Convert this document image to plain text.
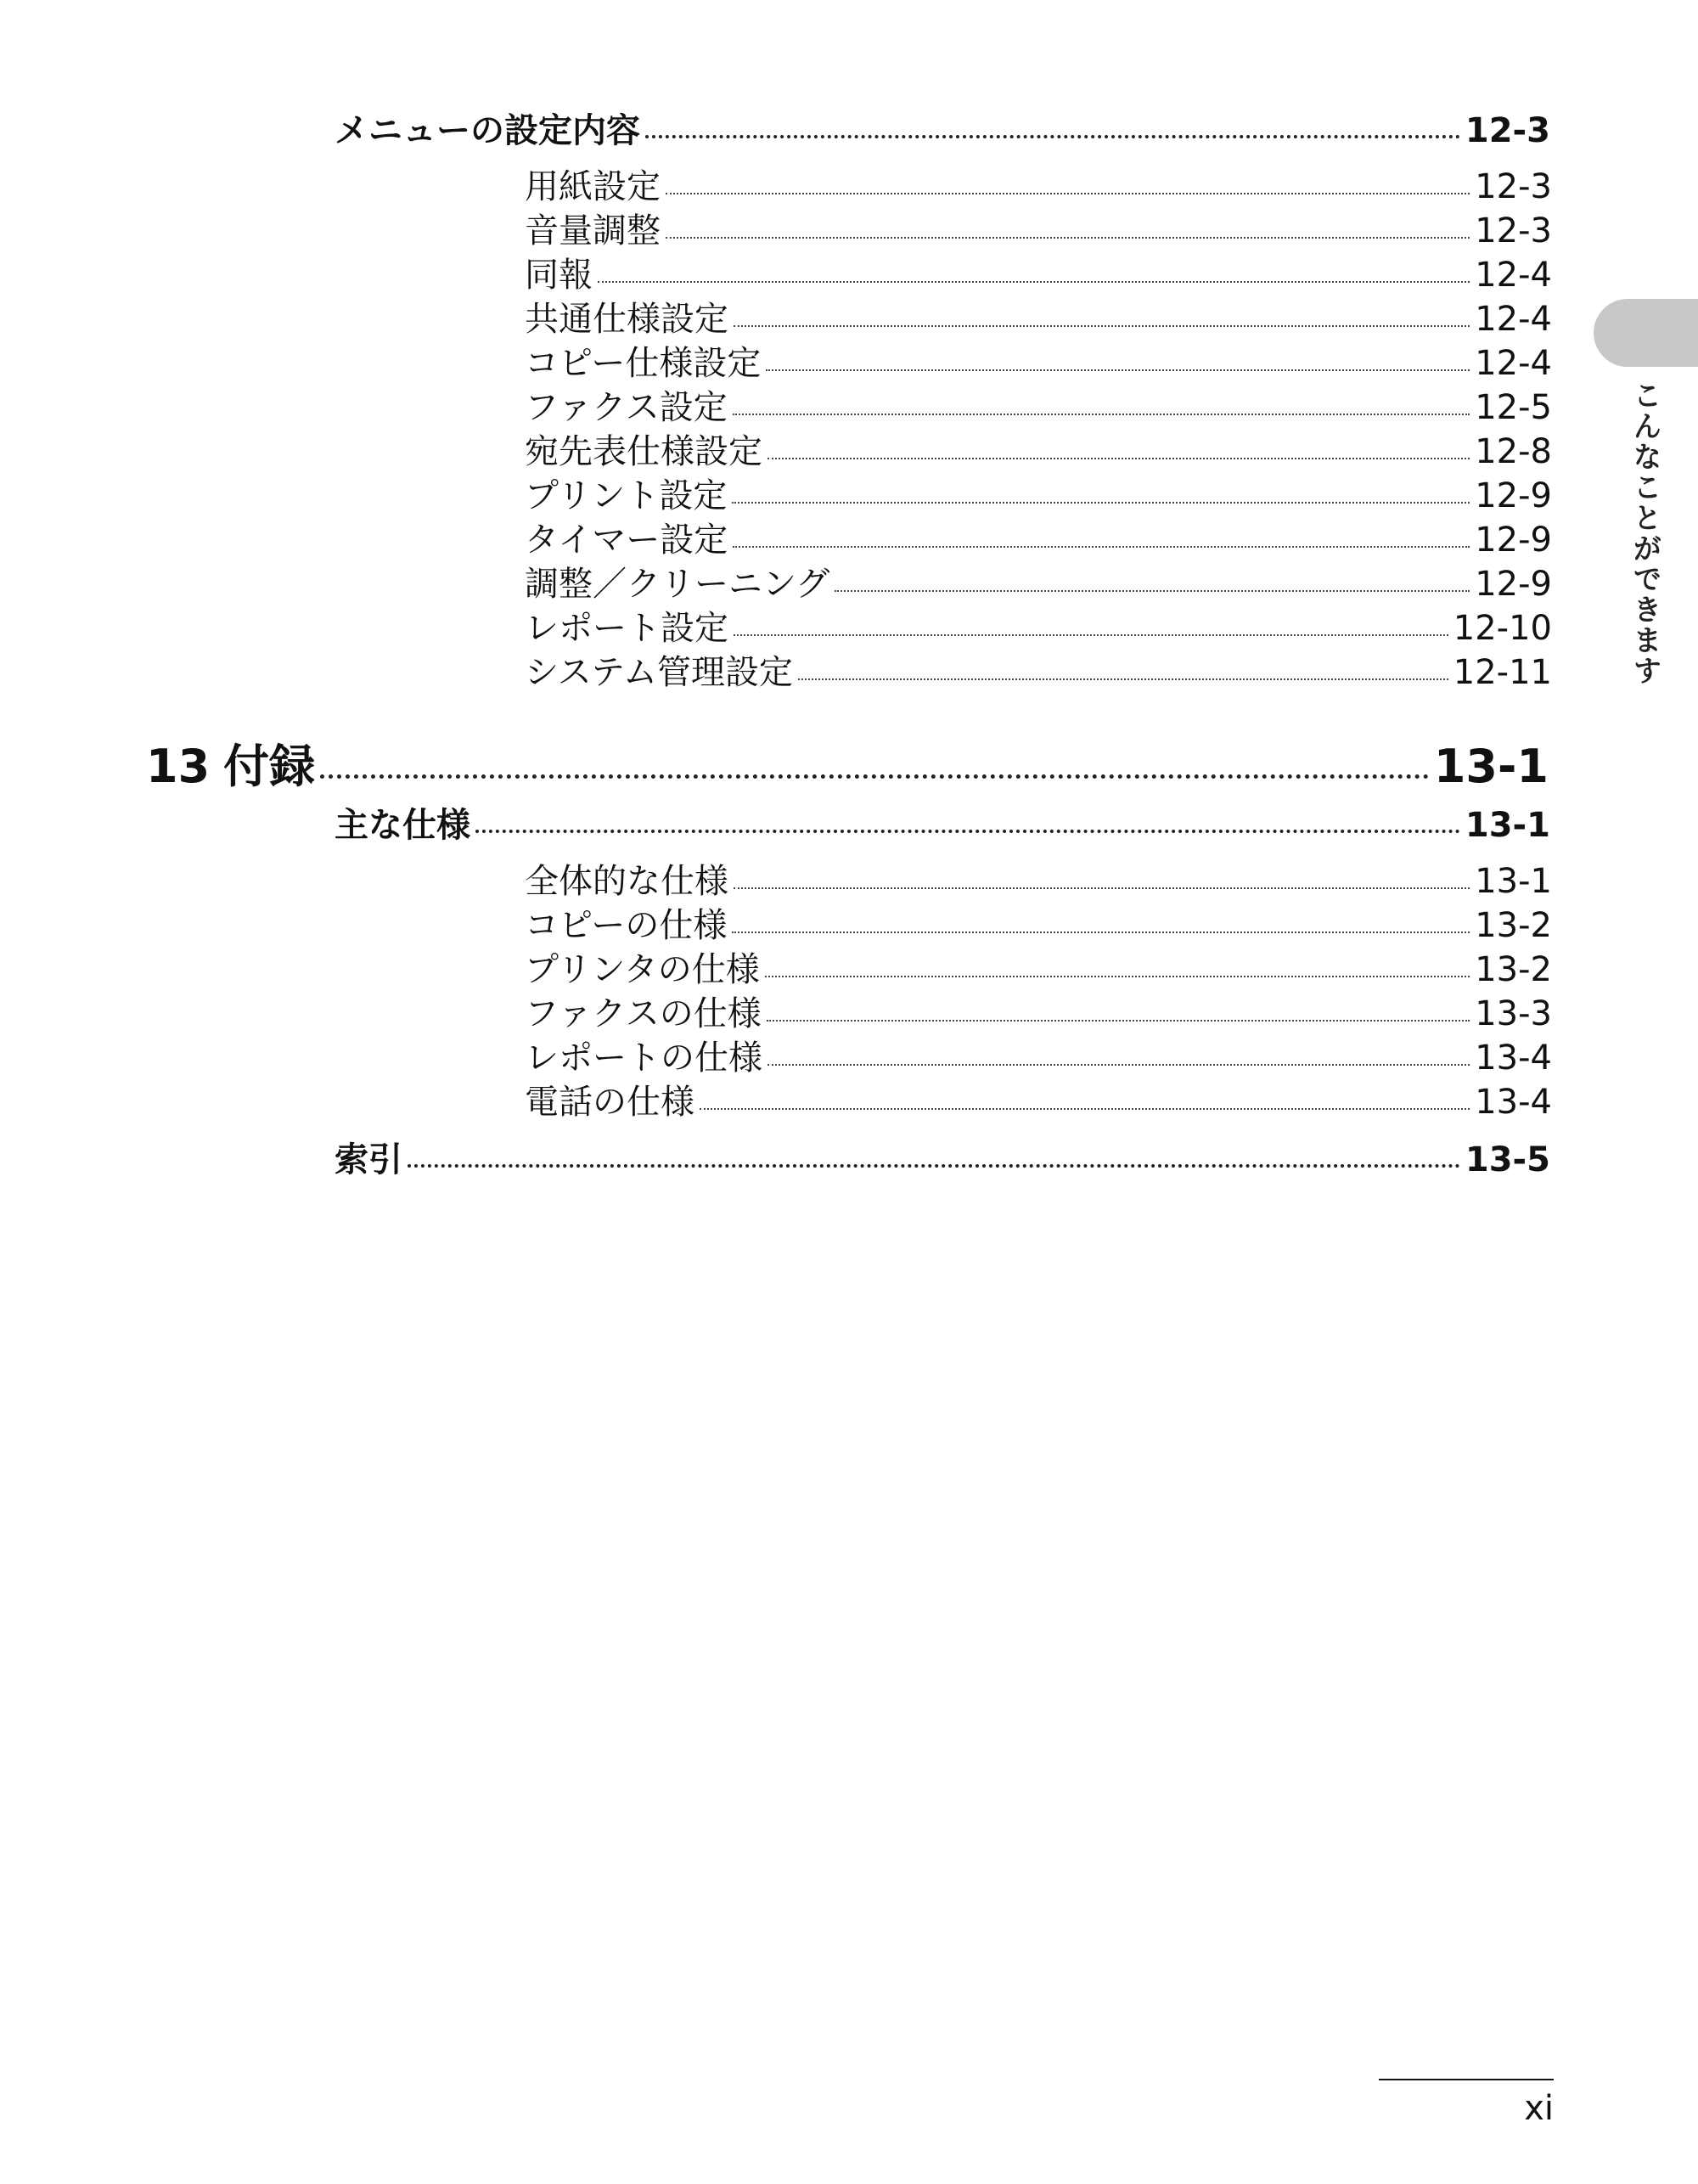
メニューの設定内容	12-3
用紙設定	12-3
音量調整	12-3
同報	12-4
共通仕様設定	12-4
コピー仕様設定	12-4
ファクス設定	12-5
宛先表仕様設定	12-8
プリント設定	12-9
タイマー設定	12-9
調整／クリーニング	12-9
レポート設定	12-10
システム管理設定	12-11
13 付録	13-1
主な仕様	13-1
全体的な仕様	13-1
コピーの仕様	13-2
プリンタの仕様	13-2
ファクスの仕様	13-3
レポートの仕様	13-4
電話の仕様	13-4
索引	13-5
こんなことができます
xi
